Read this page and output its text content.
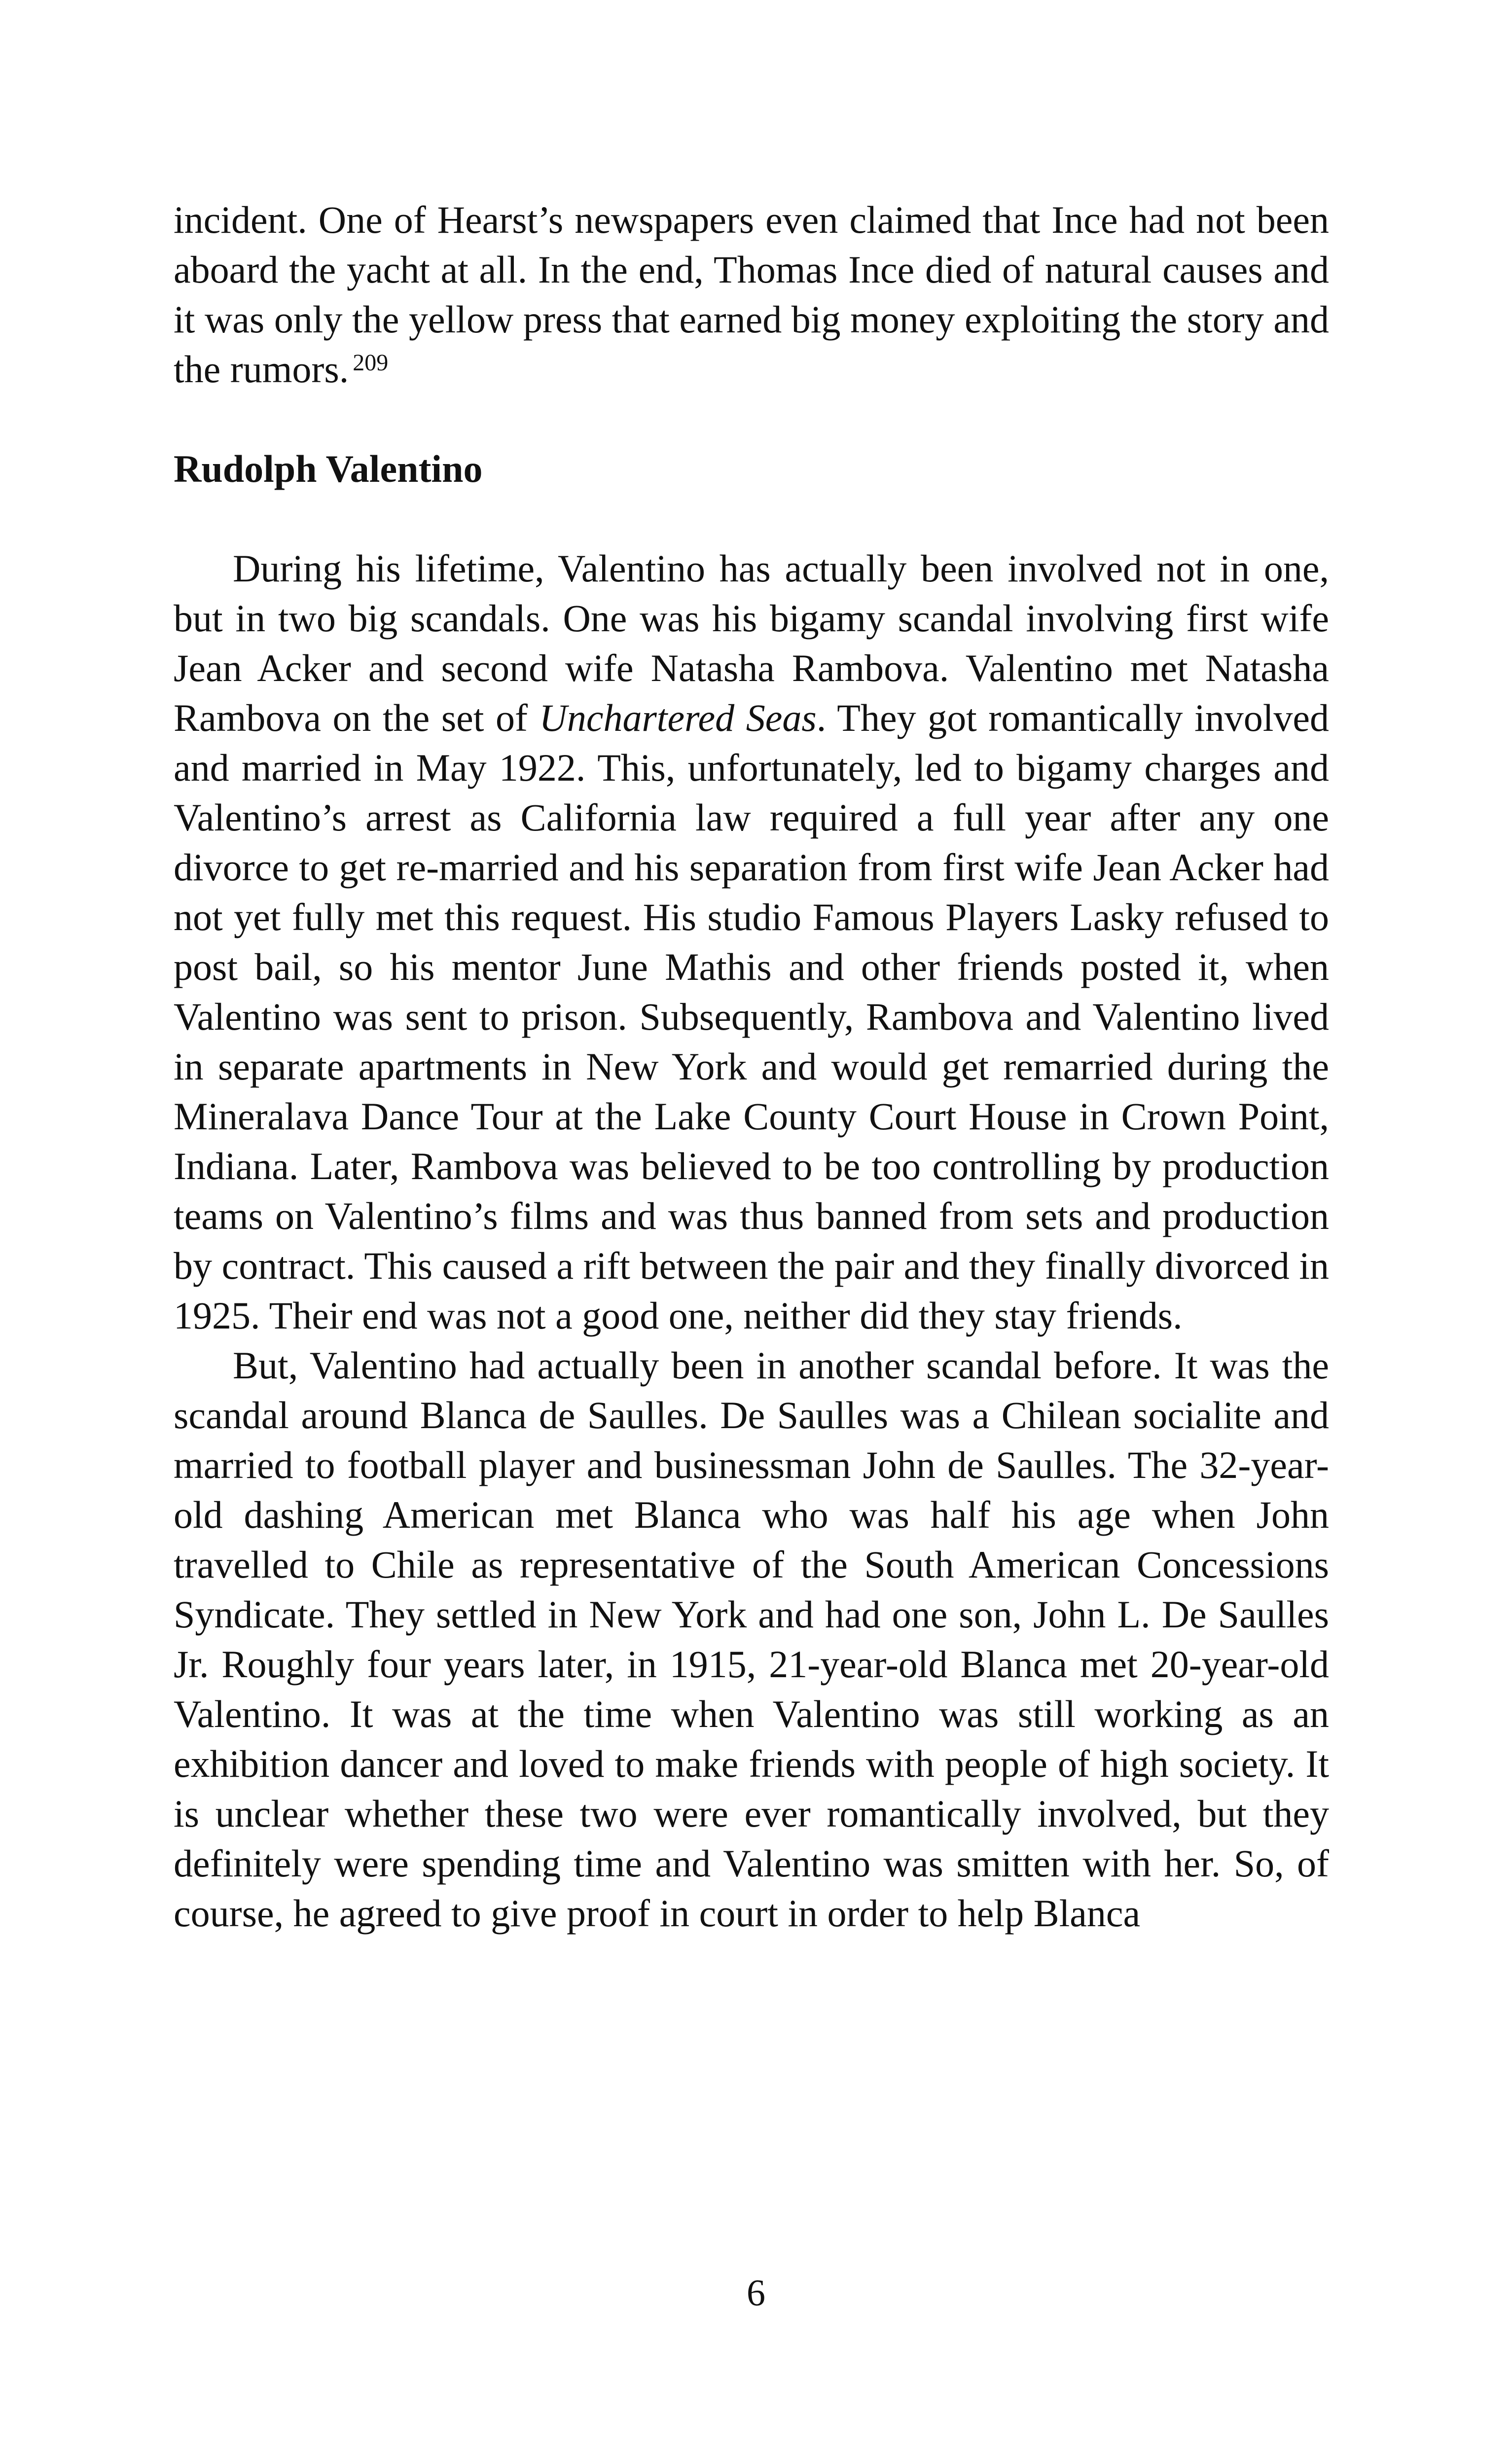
incident. One of Hearst’s newspapers even claimed that Ince had not been aboard the yacht at all. In the end, Thomas Ince died of natural causes and it was only the yellow press that earned big money exploiting the story and the rumors. $^{209}$

Rudolph Valentino

During his lifetime, Valentino has actually been involved not in one, but in two big scandals. One was his bigamy scandal involving first wife Jean Acker and second wife Natasha Rambova. Valentino met Natasha Rambova on the set of Unchartered Seas. They got romantically involved and married in May 1922. This, unfortunately, led to bigamy charges and Valentino’s arrest as California law required a full year after any one divorce to get re-married and his separation from first wife Jean Acker had not yet fully met this request. His studio Famous Players Lasky refused to post bail, so his mentor June Mathis and other friends posted it, when Valentino was sent to prison. Subsequently, Rambova and Valentino lived in separate apartments in New York and would get remarried during the Mineralava Dance Tour at the Lake County Court House in Crown Point, Indiana. Later, Rambova was believed to be too controlling by production teams on Valentino’s films and was thus banned from sets and production by contract. This caused a rift between the pair and they finally divorced in 1925. Their end was not a good one, neither did they stay friends.

But, Valentino had actually been in another scandal before. It was the scandal around Blanca de Saulles. De Saulles was a Chilean socialite and married to football player and businessman John de Saulles. The 32-year-old dashing American met Blanca who was half his age when John travelled to Chile as representative of the South American Concessions Syndicate. They settled in New York and had one son, John L. De Saulles Jr. Roughly four years later, in 1915, 21-year-old Blanca met 20-year-old Valentino. It was at the time when Valentino was still working as an exhibition dancer and loved to make friends with people of high society. It is unclear whether these two were ever romantically involved, but they definitely were spending time and Valentino was smitten with her. So, of course, he agreed to give proof in court in order to help Blanca

6
